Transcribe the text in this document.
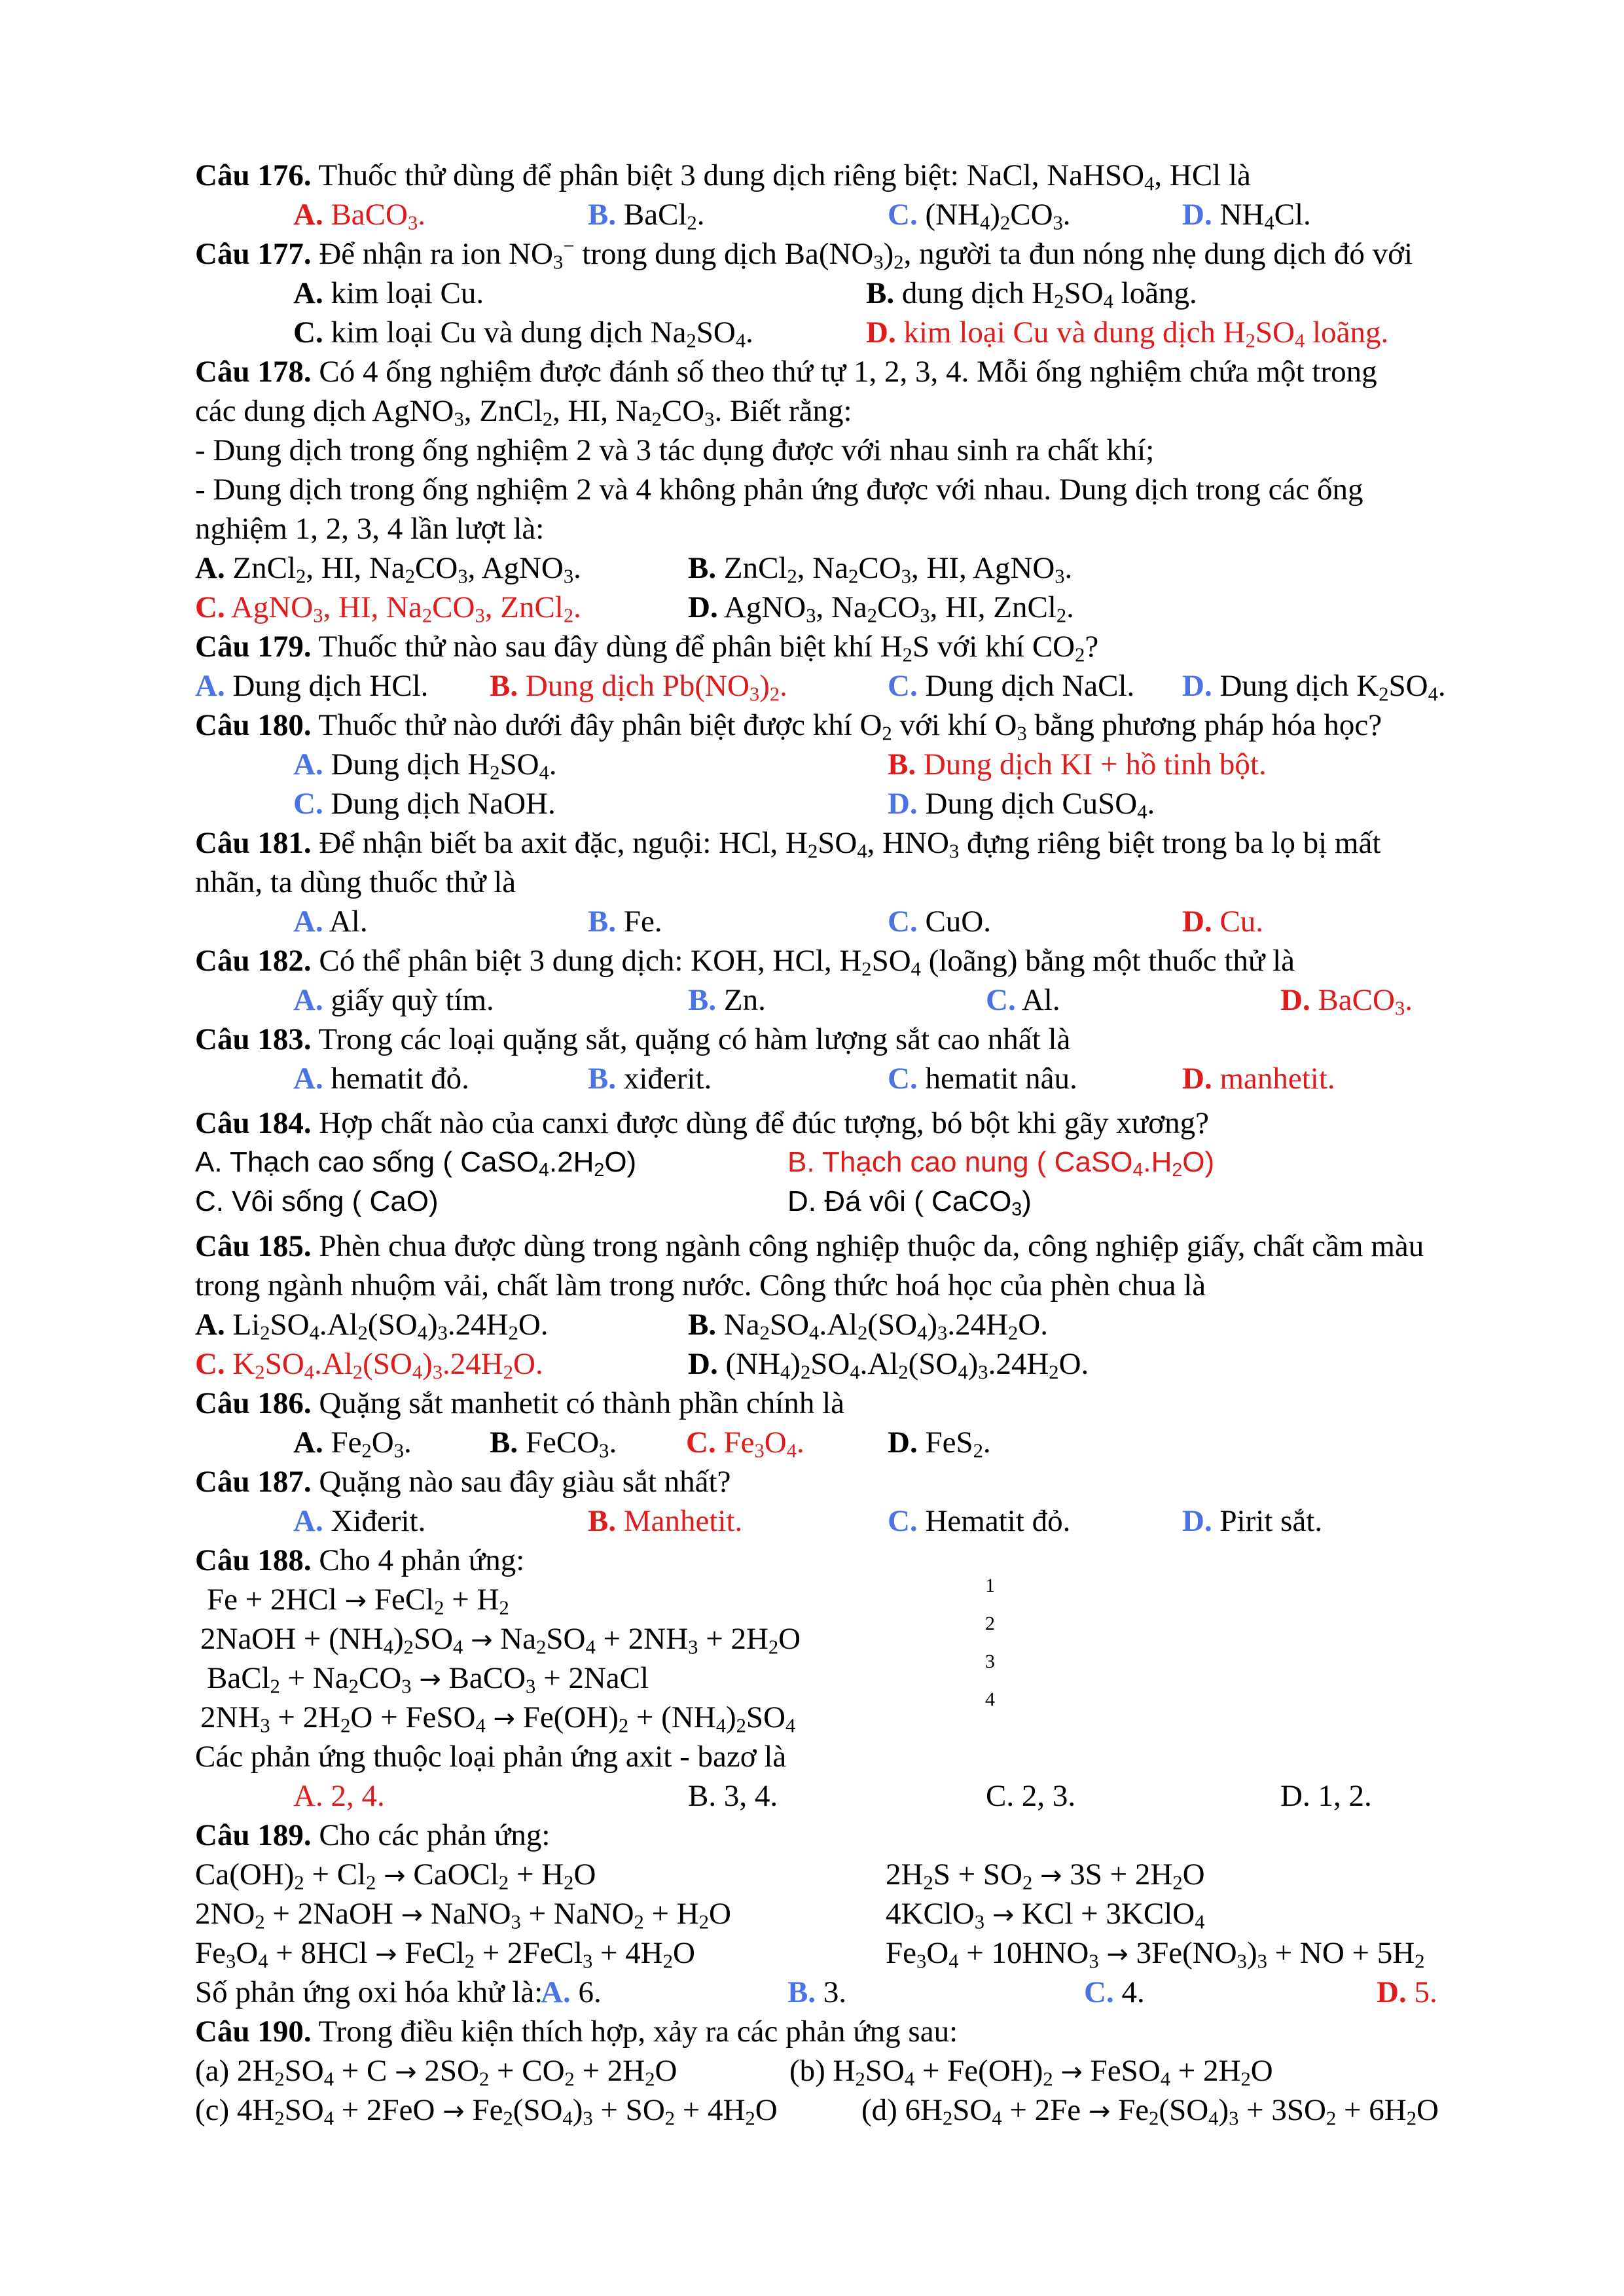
Câu 176. Thuốc thử dùng để phân biệt 3 dung dịch riêng biệt: NaCl, NaHSO$_4$, HCl là
A. BaCO$_3$.	B. BaCl$_2$.	C. $(NH_4)_2CO_3$.	D. $NH_4Cl$.
Câu 177. Để nhận ra ion $NO_3^-$ trong dung dịch $Ba(NO_3)_2$, người ta đun nóng nhẹ dung dịch đó với
A. kim loại Cu.	B. dung dịch $H_2SO_4$ loãng.
C. kim loại Cu và dung dịch $Na_2SO_4$.	D. kim loại Cu và dung dịch $H_2SO_4$ loãng.
Câu 178. Có 4 ống nghiệm được đánh số theo thứ tự 1, 2, 3, 4. Mỗi ống nghiệm chứa một trong
các dung dịch AgNO$_3$, ZnCl$_2$, HI, $Na_2CO_3$. Biết rằng:
- Dung dịch trong ống nghiệm 2 và 3 tác dụng được với nhau sinh ra chất khí;
- Dung dịch trong ống nghiệm 2 và 4 không phản ứng được với nhau. Dung dịch trong các ống
nghiệm 1, 2, 3, 4 lần lượt là:
A. ZnCl$_2$, HI, $Na_2CO_3$, AgNO$_3$.	B. ZnCl$_2$, $Na_2CO_3$, HI, AgNO$_3$.
C. AgNO$_3$, HI, $Na_2CO_3$, ZnCl$_2$.	D. AgNO$_3$, $Na_2CO_3$, HI, ZnCl$_2$.
Câu 179. Thuốc thử nào sau đây dùng để phân biệt khí $H_2S$ với khí $CO_2$?
A. Dung dịch HCl. B. Dung dịch $Pb(NO_3)_2$.	C. Dung dịch NaCl. D. Dung dịch $K_2SO_4$.
Câu 180. Thuốc thử nào dưới đây phân biệt được khí $O_2$ với khí $O_3$ bằng phương pháp hóa học?
A. Dung dịch $H_2SO_4$.	B. Dung dịch KI + hồ tinh bột.
C. Dung dịch NaOH.	D. Dung dịch CuSO$_4$.
Câu 181. Để nhận biết ba axit đặc, nguội: HCl, $H_2SO_4$, $HNO_3$ đựng riêng biệt trong ba lọ bị mất
nhãn, ta dùng thuốc thử là
A. Al.	B. Fe.	C. CuO.	D. Cu.
Câu 182. Có thể phân biệt 3 dung dịch: KOH, HCl, $H_2SO_4$ (loãng) bằng một thuốc thử là
A. giấy quỳ tím.	B. Zn.	C. Al.	D. BaCO$_3$.
Câu 183. Trong các loại quặng sắt, quặng có hàm lượng sắt cao nhất là
A. hematit đỏ.	B. xiđerit.	C. hematit nâu.	D. manhetit.
Câu 184. Hợp chất nào của canxi được dùng để đúc tượng, bó bột khi gãy xương?
A. Thạch cao sống ( $CaSO_4.2H_2O$)	B. Thạch cao nung ( $CaSO_4.H_2O$)
C. Vôi sống ( CaO)	D. Đá vôi ( CaCO$_3$)
Câu 185. Phèn chua được dùng trong ngành công nghiệp thuộc da, công nghiệp giấy, chất cầm màu
trong ngành nhuộm vải, chất làm trong nước. Công thức hoá học của phèn chua là
A. $Li_2SO_4.Al_2(SO_4)_3.24H_2O$.	B. $Na_2SO_4.Al_2(SO_4)_3.24H_2O$.
C. $K_2SO_4.Al_2(SO_4)_3.24H_2O$.	D. $(NH_4)_2SO_4.Al_2(SO_4)_3.24H_2O$.
Câu 186. Quặng sắt manhetit có thành phần chính là
A. $Fe_2O_3$.	B. FeCO$_3$. C. $Fe_3O_4$.	D. FeS$_2$.
Câu 187. Quặng nào sau đây giàu sắt nhất?
A. Xiđerit.	B. Manhetit.	C. Hematit đỏ.	D. Pirit sắt.
Câu 188. Cho 4 phản ứng:
Fe + 2HCl → FeCl$_2$ + $H_2$
2NaOH + $(NH_4)_2SO_4 \to Na_2SO_4 + 2NH_3 + 2H_2O$
BaCl$_2$ + $Na_2CO_3$ → BaCO$_3$ + 2NaCl
$2NH_3 + 2H_2O$ + FeSO$_4$ → $Fe(OH)_2 + (NH_4)_2SO_4$
Các phản ứng thuộc loại phản ứng axit - bazơ là
A. 2, 4.	B. 3, 4.	C. 2, 3.	D. 1, 2.
Câu 189. Cho các phản ứng:
$Ca(OH)_2 + Cl_2$ → CaOCl$_2$ + $H_2O$	$2H_2S + SO_2 \to 3S + 2H_2O$
$2NO_2$ + 2NaOH → NaNO$_3$ + NaNO$_2$ + $H_2O$	4KClO$_3$ → KCl + 3KClO$_4$
$Fe_3O_4 + 8HCl$ → FeCl$_2$ + 2FeCl$_3$ + $4H_2O$	$Fe_3O_4 + 10HNO_3 \to 3Fe(NO_3)_3$ + NO + $5H_2$
Số phản ứng oxi hóa khử là:
A. 6.	B. 3.	C. 4.	D. 5.
Câu 190. Trong điều kiện thích hợp, xảy ra các phản ứng sau:
(a) $2H_2SO_4 + C \to 2SO_2 + CO_2 + 2H_2O$	(b) $H_2SO_4 + Fe(OH)_2$ → FeSO$_4$ + $2H_2O$
(c) $4H_2SO_4 + 2FeO \to Fe_2(SO_4)_3 + SO_2 + 4H_2O$	(d) $6H_2SO_4 + 2Fe \to Fe_2(SO_4)_3 + 3SO_2 + 6H_2O$
1
2
3
4
